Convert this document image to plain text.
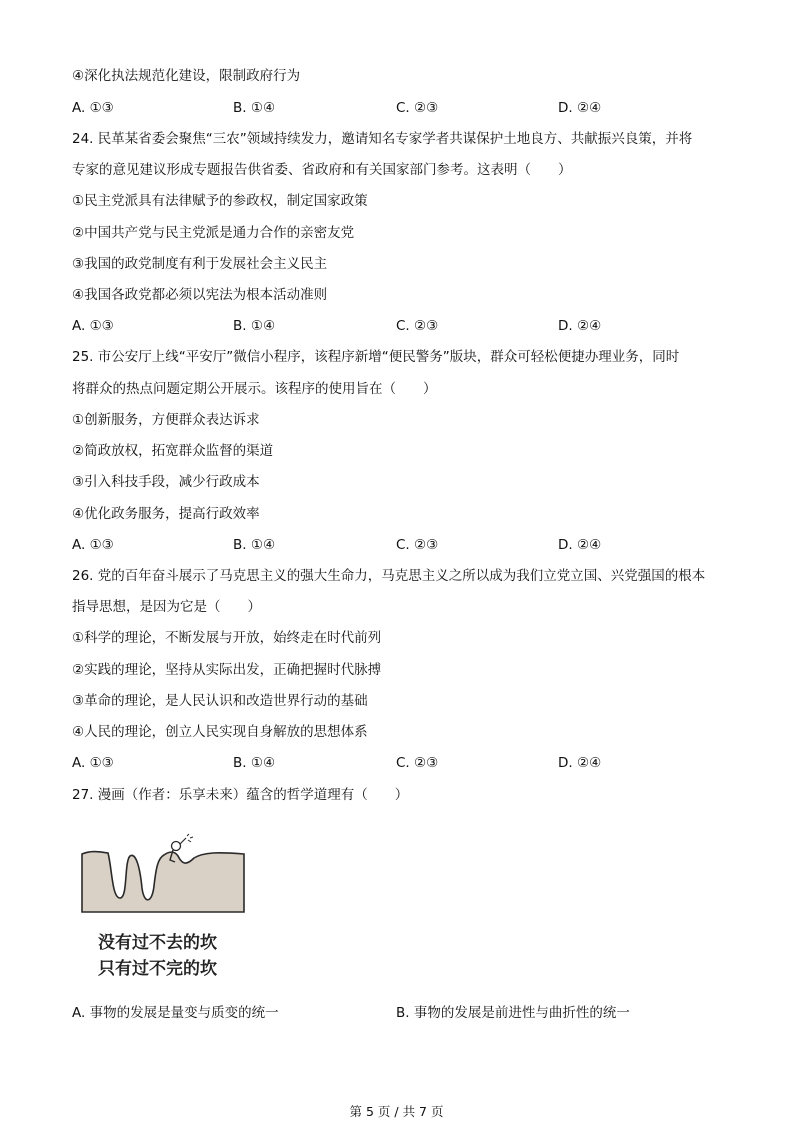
④深化执法规范化建设，限制政府行为
A. ①③	B. ①④	C. ②③	D. ②④
24. 民革某省委会聚焦“三农”领域持续发力，邀请知名专家学者共谋保护土地良方、共献振兴良策，并将
专家的意见建议形成专题报告供省委、省政府和有关国家部门参考。这表明（　　）
①民主党派具有法律赋予的参政权，制定国家政策
②中国共产党与民主党派是通力合作的亲密友党
③我国的政党制度有利于发展社会主义民主
④我国各政党都必须以宪法为根本活动准则
A. ①③	B. ①④	C. ②③	D. ②④
25. 市公安厅上线“平安厅”微信小程序，该程序新增“便民警务”版块，群众可轻松便捷办理业务，同时
将群众的热点问题定期公开展示。该程序的使用旨在（　　）
①创新服务，方便群众表达诉求
②简政放权，拓宽群众监督的渠道
③引入科技手段，减少行政成本
④优化政务服务，提高行政效率
A. ①③	B. ①④	C. ②③	D. ②④
26. 党的百年奋斗展示了马克思主义的强大生命力，马克思主义之所以成为我们立党立国、兴党强国的根本
指导思想，是因为它是（　　）
①科学的理论，不断发展与开放，始终走在时代前列
②实践的理论，坚持从实际出发，正确把握时代脉搏
③革命的理论，是人民认识和改造世界行动的基础
④人民的理论，创立人民实现自身解放的思想体系
A. ①③	B. ①④	C. ②③	D. ②④
27. 漫画（作者：乐享未来）蕴含的哲学道理有（　　）
没有过不去的坎
只有过不完的坎
A. 事物的发展是量变与质变的统一	B. 事物的发展是前进性与曲折性的统一
第 5 页 / 共 7 页
